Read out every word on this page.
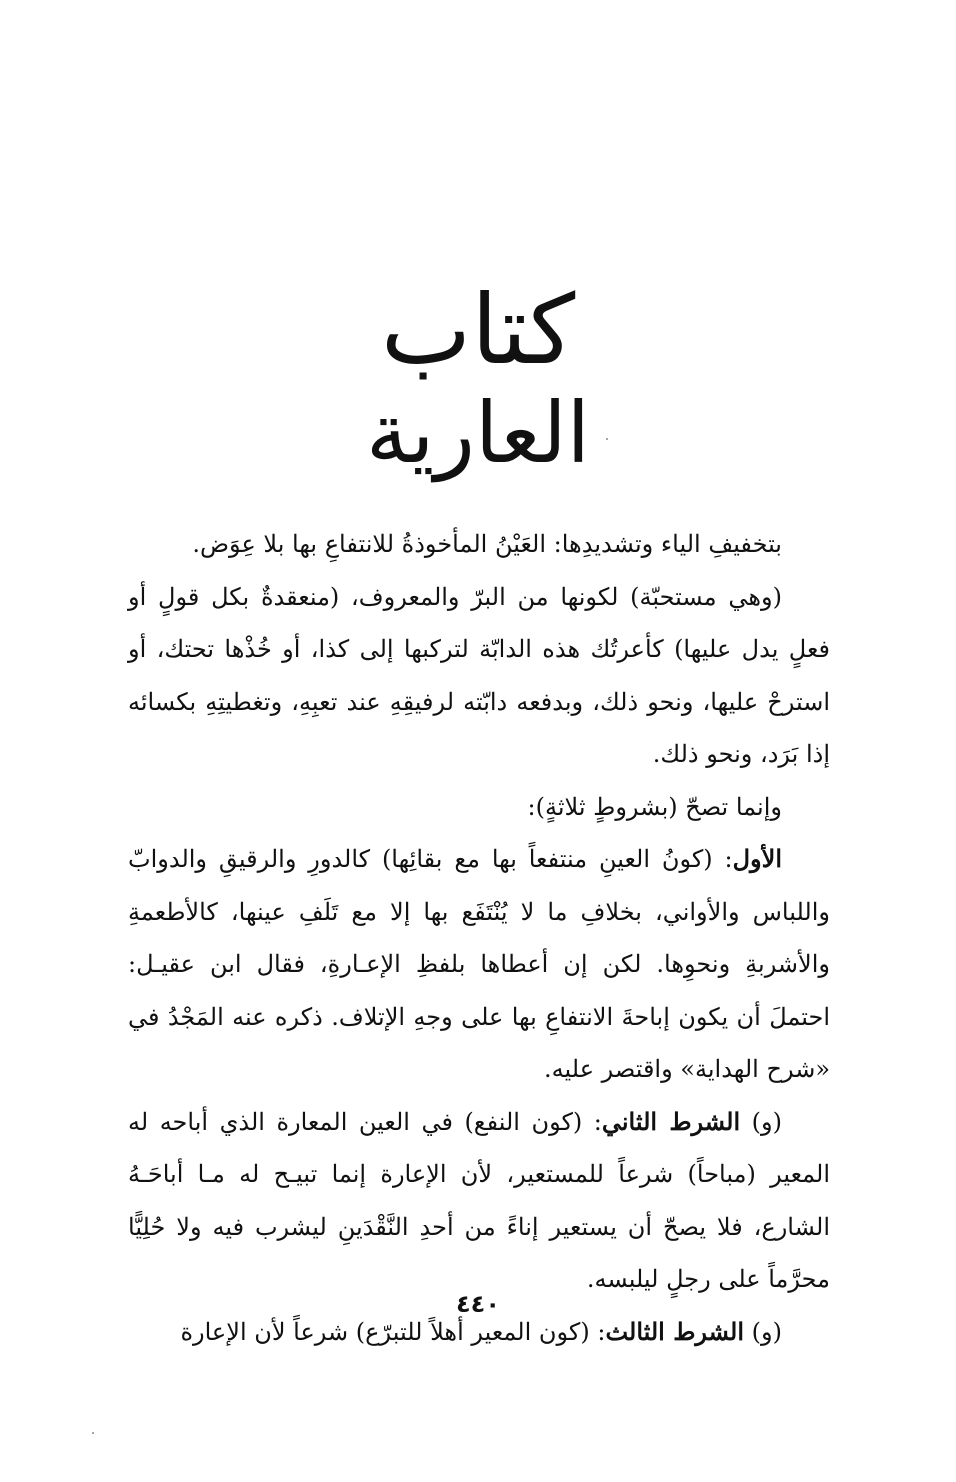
كتاب
العارية

بتخفيفِ الياء وتشديدِها: العَيْنُ المأخوذةُ للانتفاعِ بها بلا عِوَض.

(وهي مستحبّة) لكونها من البرّ والمعروف، (منعقدةٌ بكل قولٍ أو فعلٍ يدل عليها) كأعرتُك هذه الدابّة لتركبها إلى كذا، أو خُذْها تحتك، أو استرحْ عليها، ونحو ذلك، وبدفعه دابّته لرفيقِهِ عند تعبِهِ، وتغطيتِهِ بكسائه إذا بَرَد، ونحو ذلك.

وإنما تصحّ (بشروطٍ ثلاثةٍ):

الأول: (كونُ العينِ منتفعاً بها مع بقائِها) كالدورِ والرقيقِ والدوابّ واللباس والأواني، بخلافِ ما لا يُنْتَفَع بها إلا مع تَلَفِ عينها، كالأطعمةِ والأشربةِ ونحوِها. لكن إن أعطاها بلفظِ الإعـارةِ، فقال ابن عقيـل: احتملَ أن يكون إباحةَ الانتفاعِ بها على وجهِ الإتلاف. ذكره عنه المَجْدُ في «شرح الهداية» واقتصر عليه.

(و) الشرط الثاني: (كون النفع) في العين المعارة الذي أباحه له المعير (مباحاً) شرعاً للمستعير، لأن الإعارة إنما تبيـح له مـا أباحَـهُ الشارع، فلا يصحّ أن يستعير إناءً من أحدِ النَّقْدَينِ ليشرب فيه ولا حُلِيًّا محرَّماً على رجلٍ ليلبسه.

(و) الشرط الثالث: (كون المعير أهلاً للتبرّع) شرعاً لأن الإعارة

٤٤٠
